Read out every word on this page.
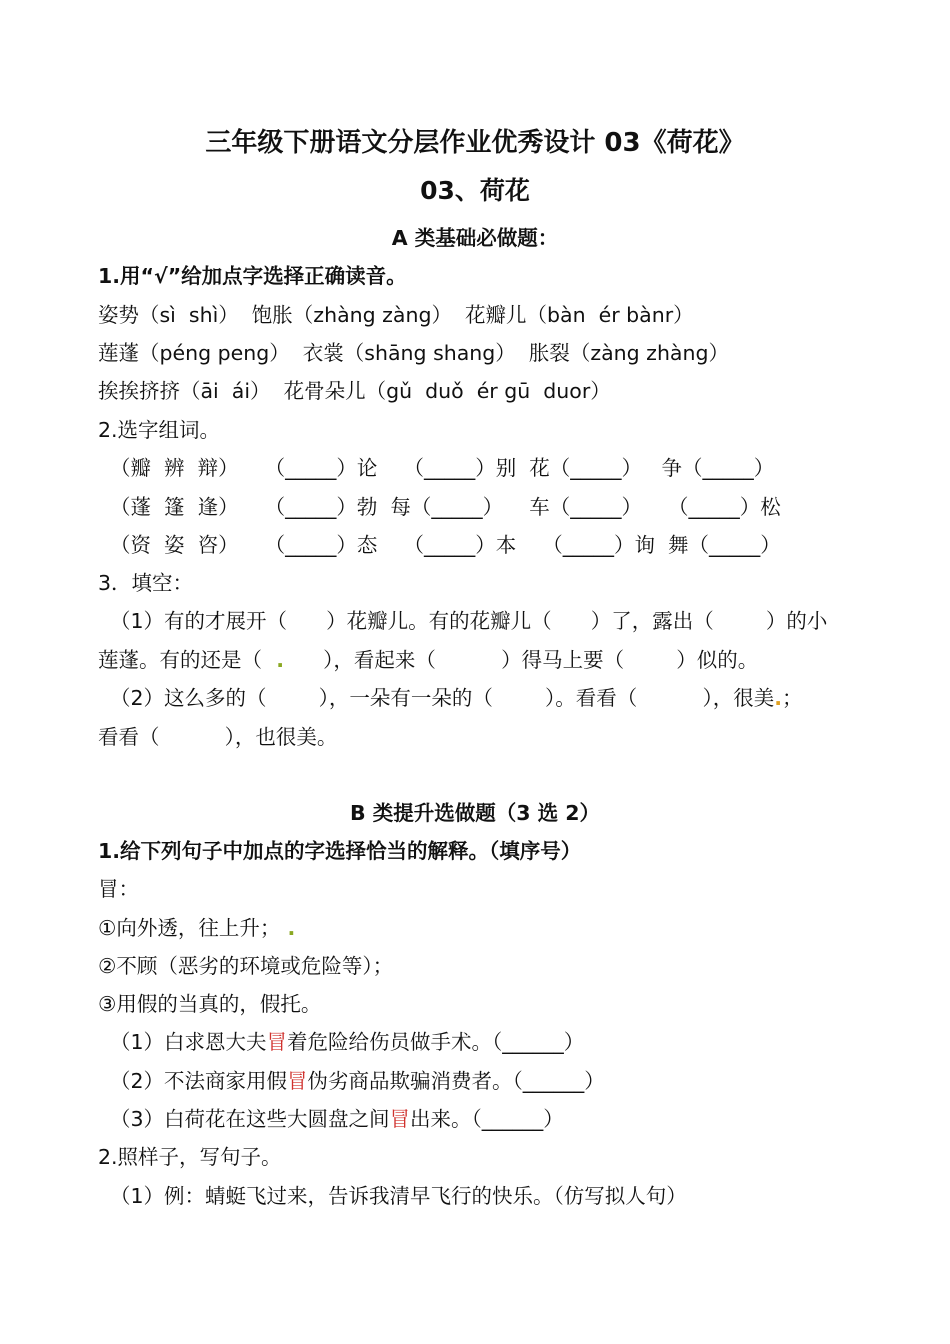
三年级下册语文分层作业优秀设计 03《荷花》
03、荷花
A 类基础必做题：
1.用“√”给加点字选择正确读音。
姿势（sì  shì）  饱胀（zhàng zàng）  花瓣儿（bàn  ér bànr）
莲蓬（péng peng）  衣裳（shāng shang）  胀裂（zàng zhàng）
挨挨挤挤（āi  ái）  花骨朵儿（gǔ  duǒ  ér gū  duor）
2.选字组词。
（瓣  辨  辩）    （_____）论    （_____）别  花（_____）   争（_____）
（蓬  篷  逢）    （_____）勃  每（_____）    车（_____）    （_____）松
（资  姿  咨）    （_____）态    （_____）本    （_____）询  舞（_____）
3．填空：
（1）有的才展开（      ）花瓣儿。有的花瓣儿（      ）了，露出（        ）的小
莲蓬。有的还是（  .      ），看起来（          ）得马上要（        ）似的。
（2）这么多的（        ），一朵有一朵的（        ）。看看（          ），很美.；
看看（          ），也很美。
B 类提升选做题（3 选 2）
1.给下列句子中加点的字选择恰当的解释。（填序号）
冒：
①向外透，往上升； .
②不顾（恶劣的环境或危险等）；
③用假的当真的，假托。
（1）白求恩大夫冒着危险给伤员做手术。（______）
（2）不法商家用假冒伪劣商品欺骗消费者。（______）
（3）白荷花在这些大圆盘之间冒出来。（______）
2.照样子，写句子。
（1）例：蜻蜓飞过来，告诉我清早飞行的快乐。（仿写拟人句）
